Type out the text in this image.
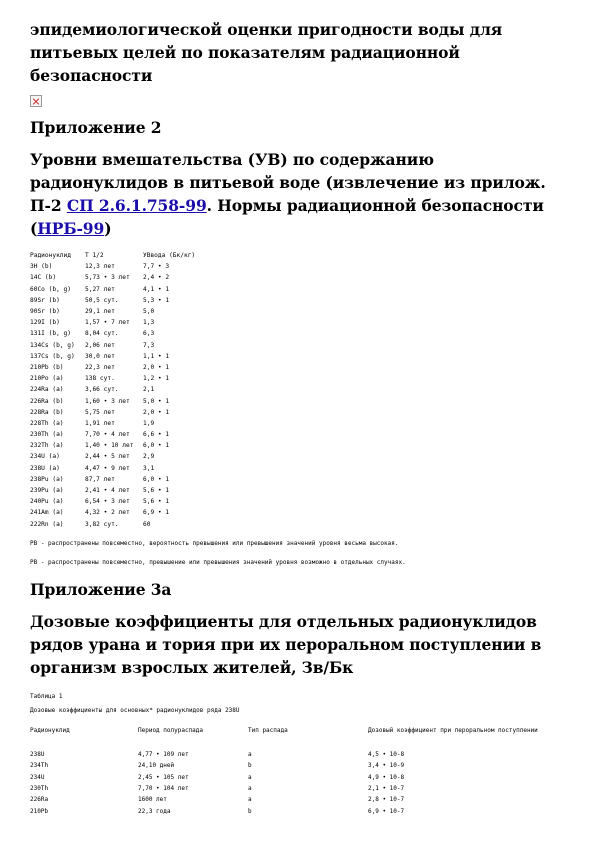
эпидемиологической оценки пригодности воды для питьевых целей по показателям радиационной безопасности
Приложение 2
Уровни вмешательства (УВ) по содержанию радионуклидов в питьевой воде (извлечение из прилож. П-2 СП 2.6.1.758-99. Нормы радиационной безопасности (НРБ-99)
Радионуклид	Т 1/2	УВвода (Бк/кг)
3H (b)	12,3 лет	7,7 • 3
14C (b)	5,73 • 3 лет	2,4 • 2
60Co (b, g)	5,27 лет	4,1 • 1
89Sr (b)	50,5 сут.	5,3 • 1
90Sr (b)	29,1 лет	5,0
129I (b)	1,57 • 7 лет	1,3
131I (b, g)	8,04 сут.	6,3
134Cs (b, g)	2,06 лет	7,3
137Cs (b, g)	30,0 лет	1,1 • 1
210Pb (b)	22,3 лет	2,0 • 1
210Po (a)	138 сут.	1,2 • 1
224Ra (a)	3,66 сут.	2,1
226Ra (b)	1,60 • 3 лет	5,0 • 1
228Ra (b)	5,75 лет	2,0 • 1
228Th (a)	1,91 лет	1,9
230Th (a)	7,70 • 4 лет	6,6 • 1
232Th (a)	1,40 • 10 лет	6,0 • 1
234U (a)	2,44 • 5 лет	2,9
238U (a)	4,47 • 9 лет	3,1
238Pu (a)	87,7 лет	6,0 • 1
239Pu (a)	2,41 • 4 лет	5,6 • 1
240Pu (a)	6,54 • 3 лет	5,6 • 1
241Am (a)	4,32 • 2 лет	6,9 • 1
222Rn (a)	3,82 сут.	60
РВ - распространены повсеместно, вероятность превышения или превышения значений уровня весьма высокая.
РВ - распространены повсеместно, превышение или превышения значений уровня возможно в отдельных случаях.
Приложение 3а
Дозовые коэффициенты для отдельных радионуклидов рядов урана и тория при их пероральном поступлении в организм взрослых жителей, Зв/Бк
Таблица 1
Дозовые коэффициенты для основных* радионуклидов ряда 238U
Радионуклид	Период полураспада	Тип распада	Дозовый коэффициент при пероральном поступлении
238U	4,77 • 109 лет	a	4,5 • 10-8
234Th	24,10 дней	b	3,4 • 10-9
234U	2,45 • 105 лет	a	4,9 • 10-8
230Th	7,70 • 104 лет	a	2,1 • 10-7
226Ra	1600 лет	a	2,8 • 10-7
210Pb	22,3 года	b	6,9 • 10-7
